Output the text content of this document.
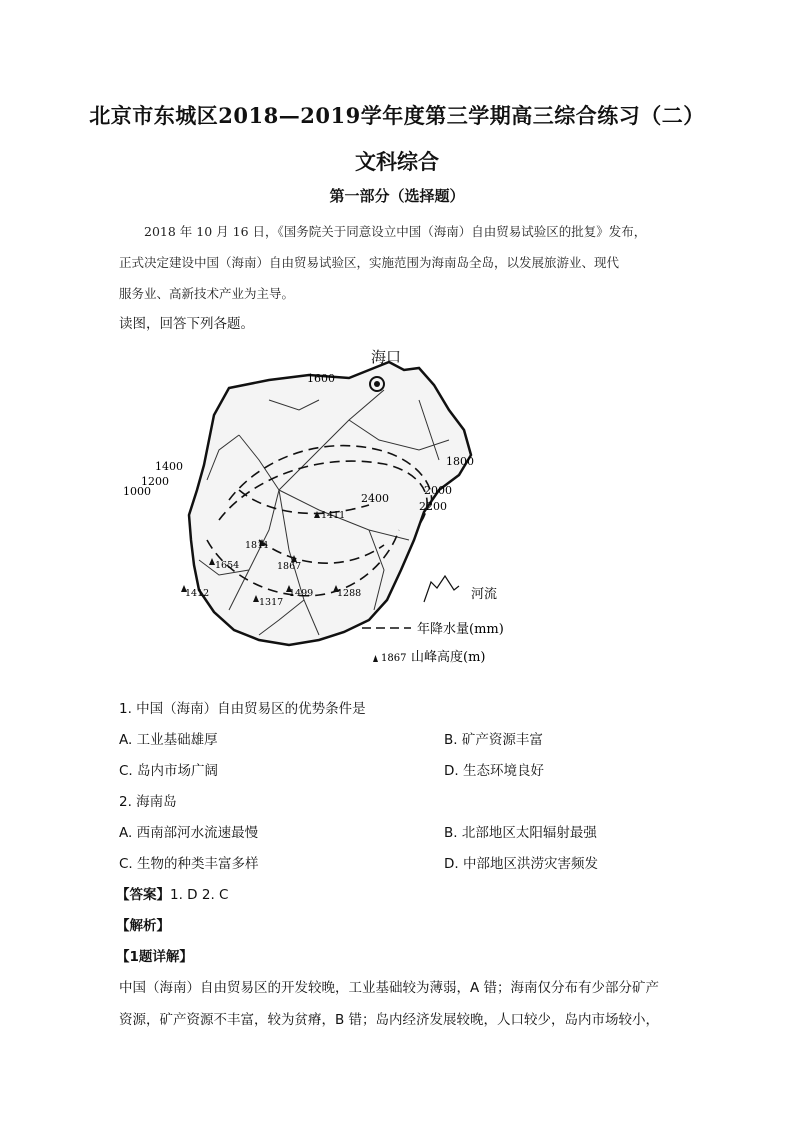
北京市东城区2018—2019学年度第三学期高三综合练习（二）
文科综合
第一部分（选择题）

2018 年 10 月 16 日，《国务院关于同意设立中国（海南）自由贸易试验区的批复》发布，

正式决定建设中国（海南）自由贸易试验区，实施范围为海南岛全岛，以发展旅游业、现代

服务业、高新技术产业为主导。

读图，回答下列各题。
海口
1600
1400
1200
1000
1800
2000
2200
2400
1411
1811
1867
1654
1412
1317
1499	1288	河流
年降水量(mm)
1867 山峰高度(m)
1. 中国（海南）自由贸易区的优势条件是
A. 工业基础雄厚	B. 矿产资源丰富
C. 岛内市场广阔	D. 生态环境良好
2. 海南岛
A. 西南部河水流速最慢	B. 北部地区太阳辐射最强
C. 生物的种类丰富多样	D. 中部地区洪涝灾害频发
【答案】1. D 2. C
【解析】
【1题详解】

中国（海南）自由贸易区的开发较晚，工业基础较为薄弱，A 错；海南仅分布有少部分矿产

资源，矿产资源不丰富，较为贫瘠，B 错；岛内经济发展较晚，人口较少，岛内市场较小，
